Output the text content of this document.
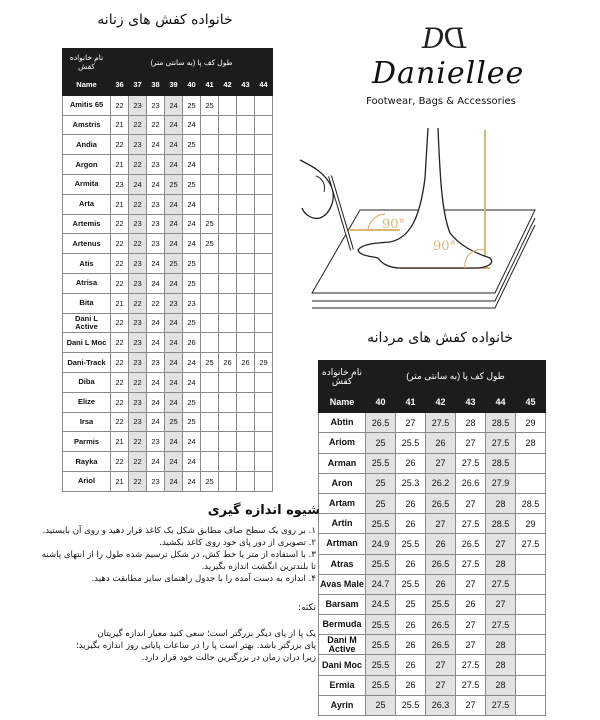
خانواده کفش های زنانه
نام خانواده کفش	طول کف پا (به سانتی متر)								
Name	36	37	38	39	40	41	42	43	44
Amitis 65	22	23	23	24	25	25			
Amstris	21	22	22	24	24				
Andia	22	23	24	24	25				
Argon	21	22	23	24	24				
Armita	23	24	24	25	25				
Arta	21	22	23	24	24				
Artemis	22	23	23	24	24	25			
Artenus	22	22	23	24	24	25			
Atis	22	23	24	25	25				
Atrisa	22	23	24	24	25				
Bita	21	22	22	23	23				
Dani L Active	22	23	24	24	25				
Dani L Moc	22	23	24	24	26				
Dani-Track	22	23	23	24	24	25	26	26	29
Diba	22	22	24	24	24				
Elize	22	23	24	24	25				
Irsa	22	23	24	25	25				
Parmis	21	22	23	24	24				
Rayka	22	22	24	24	24				
Ariol	21	22	23	24	24	25			
D D
Daniellee
Footwear, Bags & Accessories
90°
90°
خانواده کفش های مردانه
نام خانواده کفش	طول کف پا (به سانتی متر)					
Name	40	41	42	43	44	45
Abtin	26.5	27	27.5	28	28.5	29
Ariom	25	25.5	26	27	27.5	28
Arman	25.5	26	27	27.5	28.5	
Aron	25	25.3	26.2	26.6	27.9	
Artam	25	26	26.5	27	28	28.5
Artin	25.5	26	27	27.5	28.5	29
Artman	24.9	25.5	26	26.5	27	27.5
Atras	25.5	26	26.5	27.5	28	
Avas Male	24.7	25.5	26	27	27.5	
Barsam	24.5	25	25.5	26	27	
Bermuda	25.5	26	26.5	27	27.5	
Dani M Active	25.5	26	26.5	27	28	
Dani Moc	25.5	26	27	27.5	28	
Ermia	25.5	26	27	27.5	28	
Ayrin	25	25.5	26.3	27	27.5	
شیوه اندازه گیری
۱. بر روی یک سطح صاف مطابق شکل یک کاغذ قرار دهید و روی آن بایستید.
۲. تصویری از دور پای خود روی کاغذ بکشید.
۳. با استفاده از متر یا خط کش، در شکل ترسیم شده طول را از انتهای پاشنه
تا بلندترین انگشت اندازه بگیرید.
۴. اندازه به دست آمده را با جدول راهنمای سایز مطابقت دهید.
نکته:
یک پا از پای دیگر بزرگتر است؛ سعی کنید معیار اندازه گیریتان
پای بزرگتر باشد. بهتر است پا را در ساعات پایانی روز اندازه بگیرید؛
زیرا دران زمان در بزرگترین حالت خود قرار دارد.
